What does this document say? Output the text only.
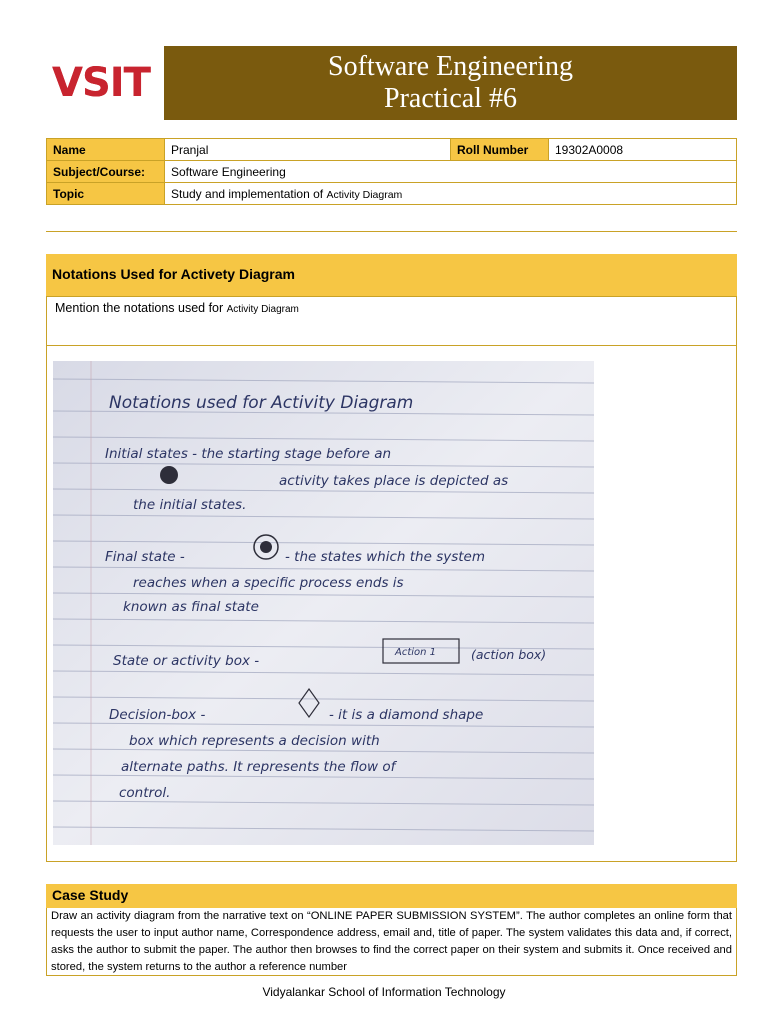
VSIT	Software Engineering
Practical #6
Name	Pranjal	Roll Number	19302A0008
Subject/Course:	Software Engineering		
Topic	Study and implementation of Activity Diagram		
Notations Used for Activety Diagram
Mention the notations used for Activity Diagram
Notations used for Activity Diagram
Initial states - the starting stage before an
activity takes place is depicted as
the initial states.
Final state -	- the states which the system
reaches when a specific process ends is
known as final state
State or activity box -
Action 1	(action box)
Decision-box -	- it is a diamond shape
box which represents a decision with
alternate paths. It represents the flow of
control.
Case Study
Draw an activity diagram from the narrative text on “ONLINE PAPER SUBMISSION SYSTEM”. The author completes an online form that requests the user to input author name, Correspondence address, email and, title of paper. The system validates this data and, if correct, asks the author to submit the paper. The author then browses to find the correct paper on their system and submits it. Once received and stored, the system returns to the author a reference number
Vidyalankar School of Information Technology
